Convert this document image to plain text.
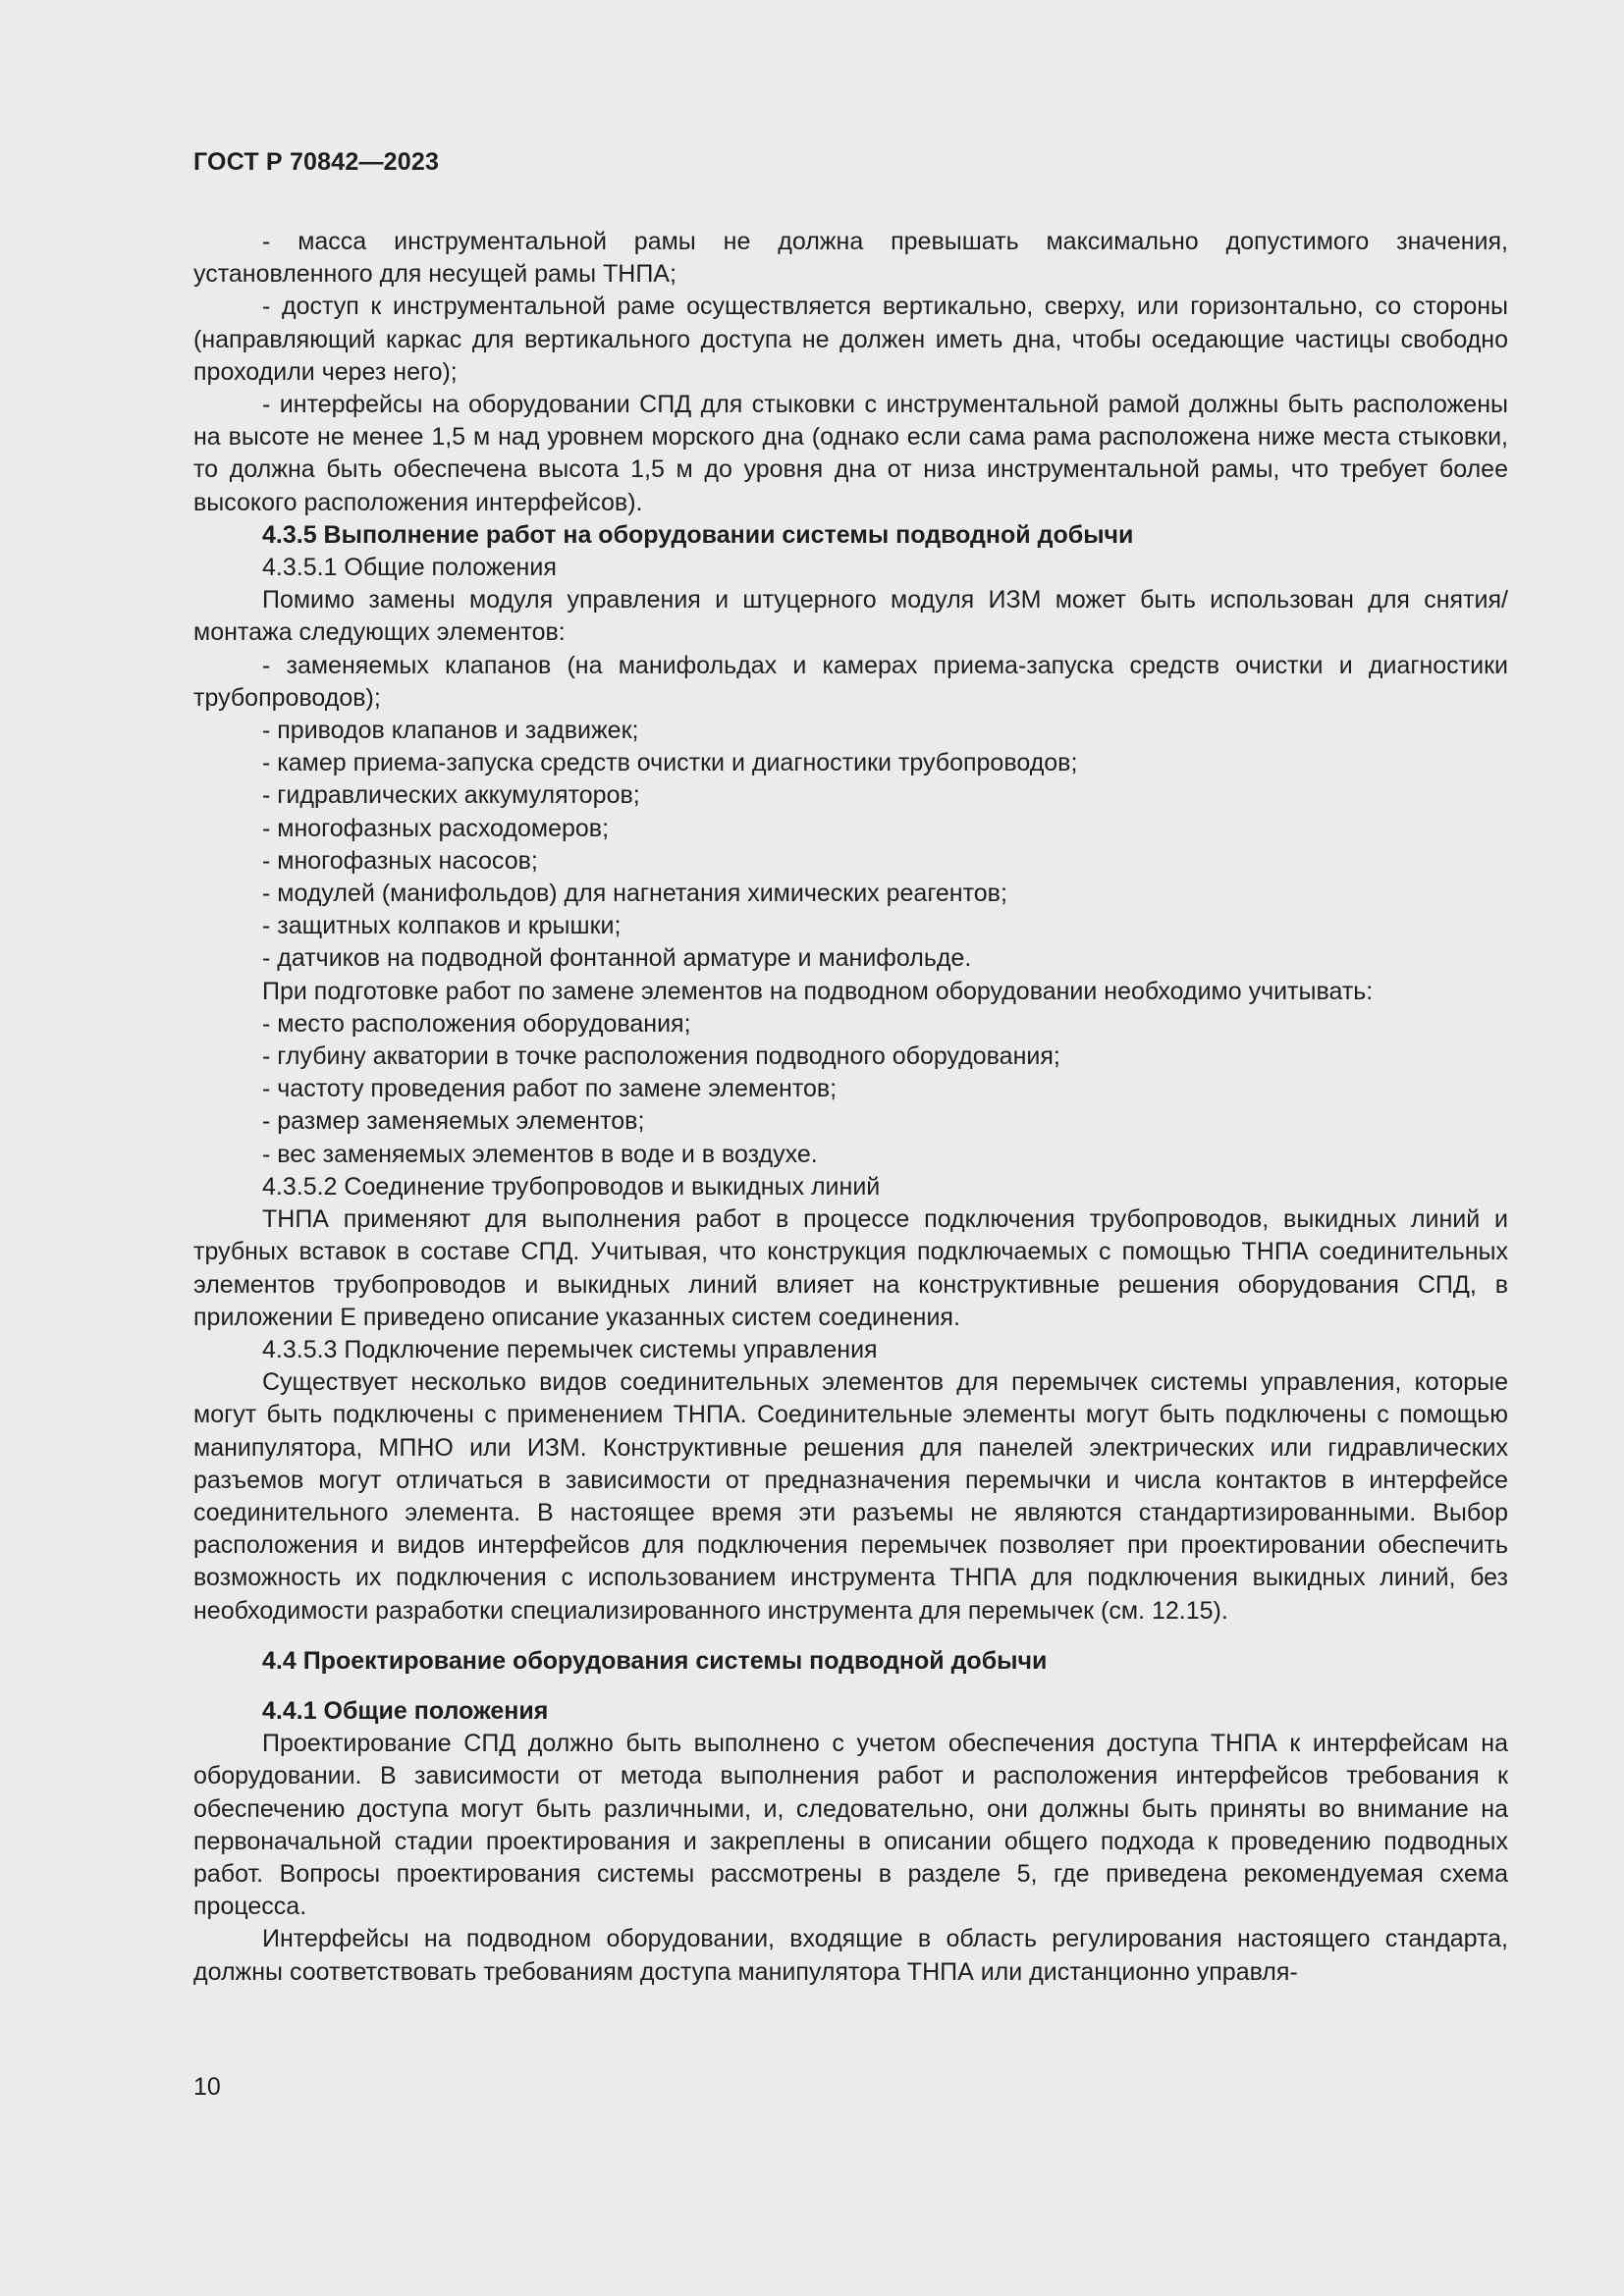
ГОСТ Р 70842—2023

- масса инструментальной рамы не должна превышать максимально допустимого значения, установленного для несущей рамы ТНПА;

- доступ к инструментальной раме осуществляется вертикально, сверху, или горизонтально, со стороны (направляющий каркас для вертикального доступа не должен иметь дна, чтобы оседающие частицы свободно проходили через него);

- интерфейсы на оборудовании СПД для стыковки с инструментальной рамой должны быть расположены на высоте не менее 1,5 м над уровнем морского дна (однако если сама рама расположена ниже места стыковки, то должна быть обеспечена высота 1,5 м до уровня дна от низа инструментальной рамы, что требует более высокого расположения интерфейсов).

4.3.5 Выполнение работ на оборудовании системы подводной добычи

4.3.5.1 Общие положения

Помимо замены модуля управления и штуцерного модуля ИЗМ может быть использован для снятия/монтажа следующих элементов:

- заменяемых клапанов (на манифольдах и камерах приема-запуска средств очистки и диагностики трубопроводов);

- приводов клапанов и задвижек;

- камер приема-запуска средств очистки и диагностики трубопроводов;

- гидравлических аккумуляторов;

- многофазных расходомеров;

- многофазных насосов;

- модулей (манифольдов) для нагнетания химических реагентов;

- защитных колпаков и крышки;

- датчиков на подводной фонтанной арматуре и манифольде.

При подготовке работ по замене элементов на подводном оборудовании необходимо учитывать:

- место расположения оборудования;

- глубину акватории в точке расположения подводного оборудования;

- частоту проведения работ по замене элементов;

- размер заменяемых элементов;

- вес заменяемых элементов в воде и в воздухе.

4.3.5.2 Соединение трубопроводов и выкидных линий

ТНПА применяют для выполнения работ в процессе подключения трубопроводов, выкидных линий и трубных вставок в составе СПД. Учитывая, что конструкция подключаемых с помощью ТНПА соединительных элементов трубопроводов и выкидных линий влияет на конструктивные решения оборудования СПД, в приложении Е приведено описание указанных систем соединения.

4.3.5.3 Подключение перемычек системы управления

Существует несколько видов соединительных элементов для перемычек системы управления, которые могут быть подключены с применением ТНПА. Соединительные элементы могут быть подключены с помощью манипулятора, МПНО или ИЗМ. Конструктивные решения для панелей электрических или гидравлических разъемов могут отличаться в зависимости от предназначения перемычки и числа контактов в интерфейсе соединительного элемента. В настоящее время эти разъемы не являются стандартизированными. Выбор расположения и видов интерфейсов для подключения перемычек позволяет при проектировании обеспечить возможность их подключения с использованием инструмента ТНПА для подключения выкидных линий, без необходимости разработки специализированного инструмента для перемычек (см. 12.15).

4.4 Проектирование оборудования системы подводной добычи

4.4.1 Общие положения

Проектирование СПД должно быть выполнено с учетом обеспечения доступа ТНПА к интерфейсам на оборудовании. В зависимости от метода выполнения работ и расположения интерфейсов требования к обеспечению доступа могут быть различными, и, следовательно, они должны быть приняты во внимание на первоначальной стадии проектирования и закреплены в описании общего подхода к проведению подводных работ. Вопросы проектирования системы рассмотрены в разделе 5, где приведена рекомендуемая схема процесса.

Интерфейсы на подводном оборудовании, входящие в область регулирования настоящего стандарта, должны соответствовать требованиям доступа манипулятора ТНПА или дистанционно управля-

10
